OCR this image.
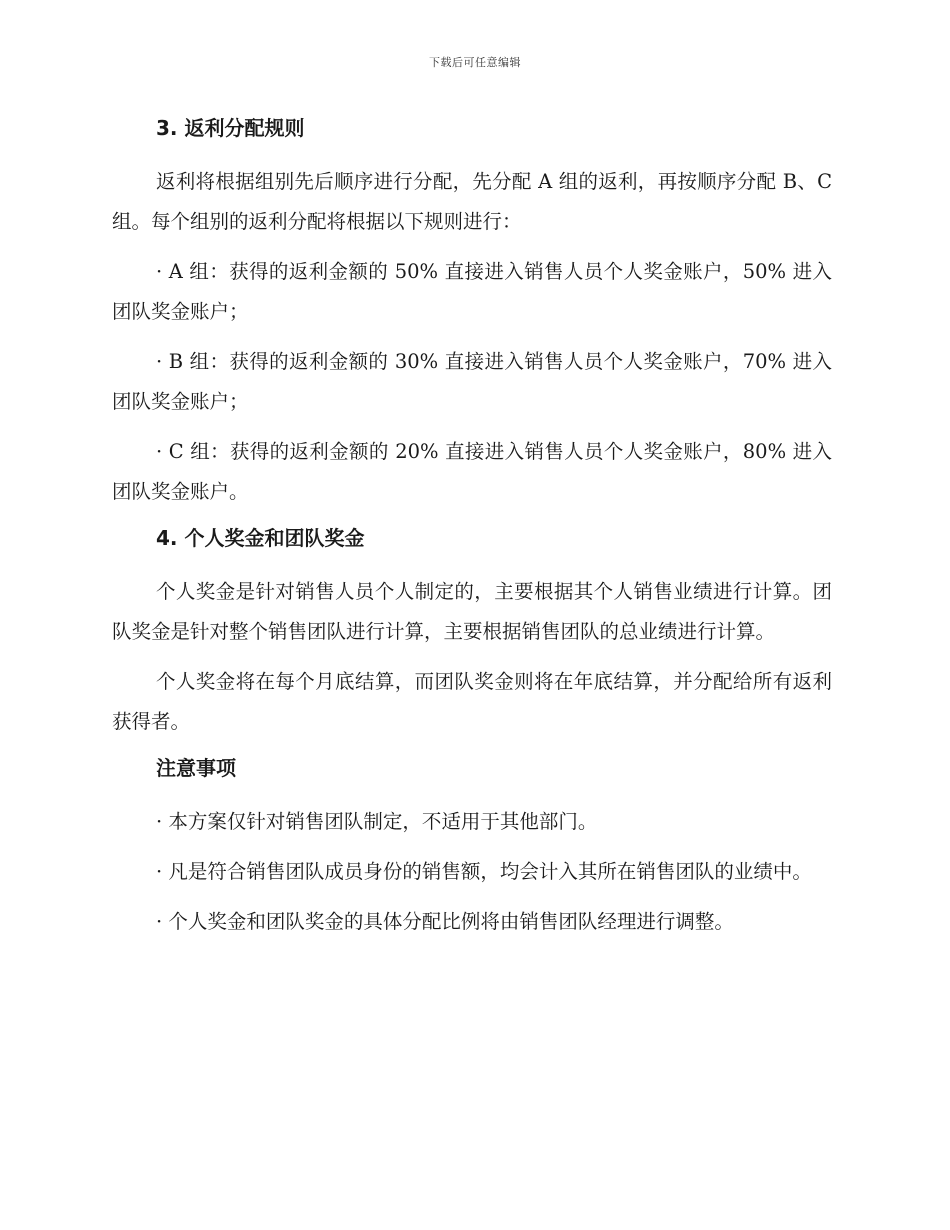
下载后可任意编辑
3. 返利分配规则

返利将根据组别先后顺序进行分配，先分配 A 组的返利，再按顺序分配 B、C 组。每个组别的返利分配将根据以下规则进行：

· A 组：获得的返利金额的 50% 直接进入销售人员个人奖金账户，50% 进入团队奖金账户；

· B 组：获得的返利金额的 30% 直接进入销售人员个人奖金账户，70% 进入团队奖金账户；

· C 组：获得的返利金额的 20% 直接进入销售人员个人奖金账户，80% 进入团队奖金账户。

4. 个人奖金和团队奖金

个人奖金是针对销售人员个人制定的，主要根据其个人销售业绩进行计算。团队奖金是针对整个销售团队进行计算，主要根据销售团队的总业绩进行计算。

个人奖金将在每个月底结算，而团队奖金则将在年底结算，并分配给所有返利获得者。

注意事项

· 本方案仅针对销售团队制定，不适用于其他部门。

· 凡是符合销售团队成员身份的销售额，均会计入其所在销售团队的业绩中。

· 个人奖金和团队奖金的具体分配比例将由销售团队经理进行调整。
